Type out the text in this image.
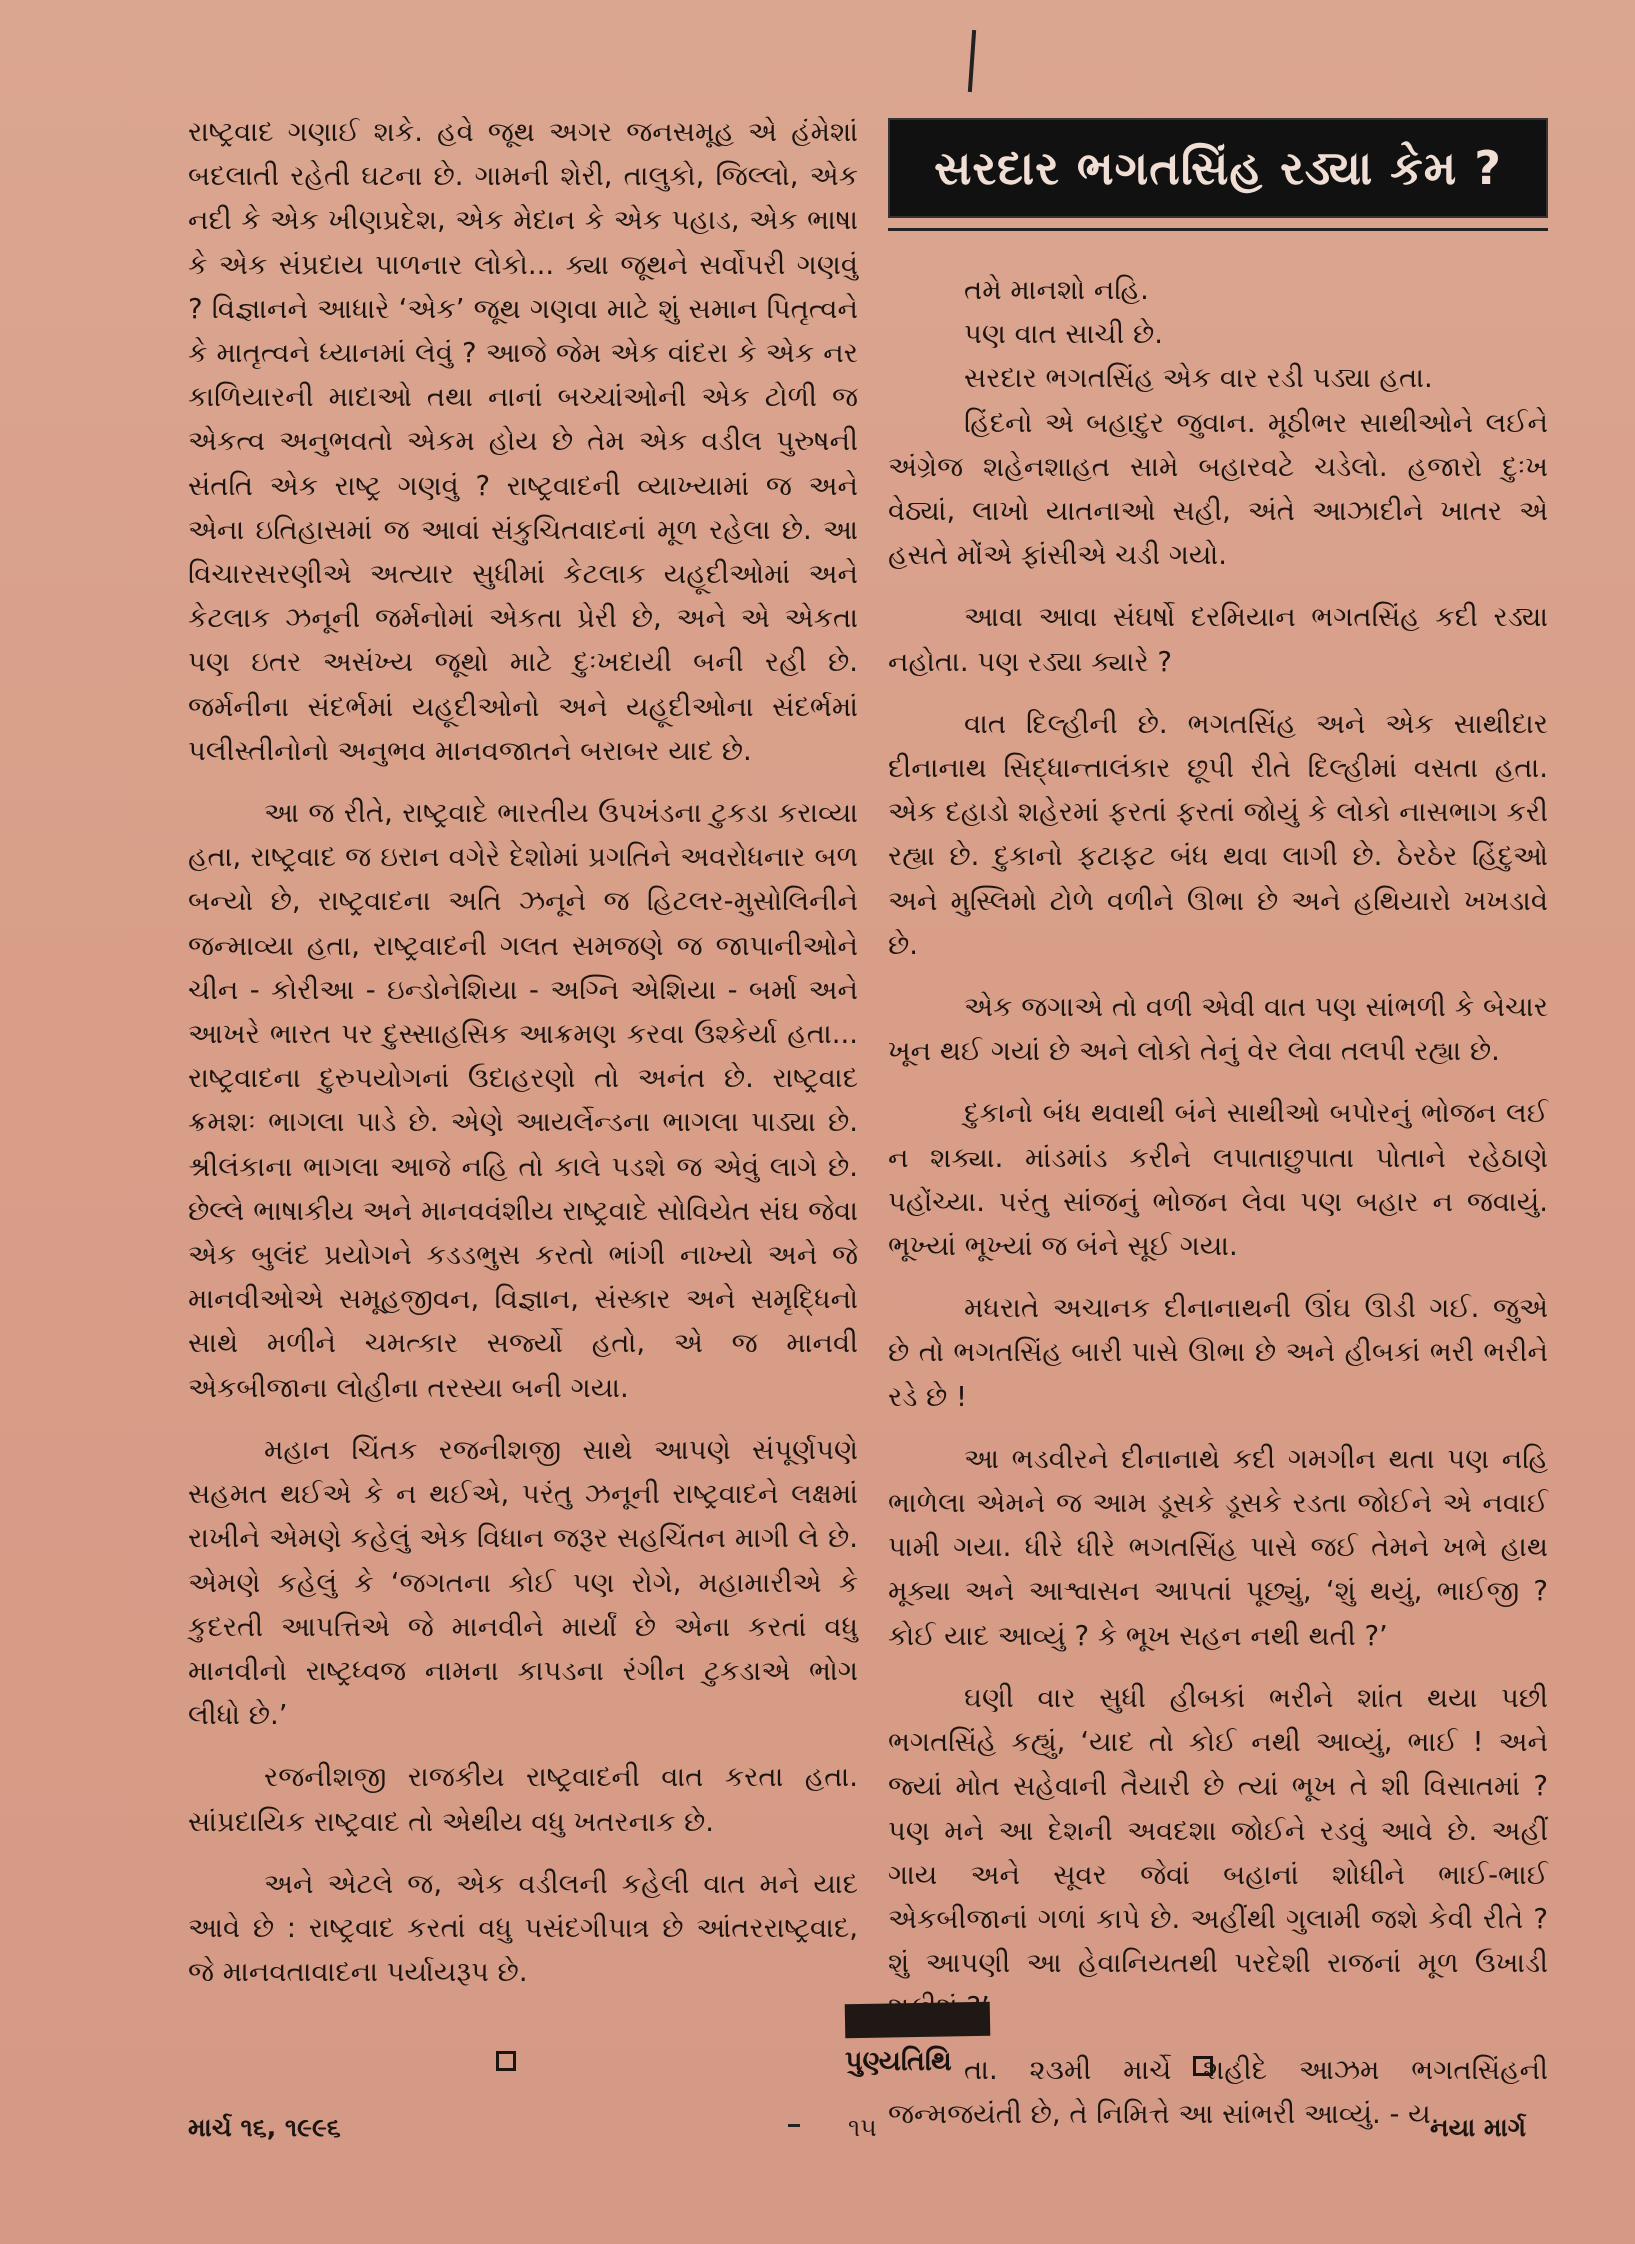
રાષ્ટ્રવાદ ગણાઈ શકે. હવે જૂથ અગર જનસમૂહ એ હંમેશાં બદલાતી રહેતી ઘટના છે. ગામની શેરી, તાલુકો, જિલ્લો, એક નદી કે એક ખીણપ્રદેશ, એક મેદાન કે એક પહાડ, એક ભાષા કે એક સંપ્રદાય પાળનાર લોકો... ક્યા જૂથને સર્વોપરી ગણવું ? વિજ્ઞાનને આધારે ‘એક’ જૂથ ગણવા માટે શું સમાન પિતૃત્વને કે માતૃત્વને ધ્યાનમાં લેવું ? આજે જેમ એક વાંદરા કે એક નર કાળિયારની માદાઓ તથા નાનાં બચ્ચાંઓની એક ટોળી જ એકત્વ અનુભવતો એકમ હોય છે તેમ એક વડીલ પુરુષની સંતતિ એક રાષ્ટ્ર ગણવું ? રાષ્ટ્રવાદની વ્યાખ્યામાં જ અને એના ઇતિહાસમાં જ આવાં સંકુચિતવાદનાં મૂળ રહેલા છે. આ વિચારસરણીએ અત્યાર સુધીમાં કેટલાક યહૂદીઓમાં અને કેટલાક ઝનૂની જર્મનોમાં એકતા પ્રેરી છે, અને એ એકતા પણ ઇતર અસંખ્ય જૂથો માટે દુઃખદાયી બની રહી છે. જર્મનીના સંદર્ભમાં યહૂદીઓનો અને યહૂદીઓના સંદર્ભમાં પલીસ્તીનોનો અનુભવ માનવજાતને બરાબર યાદ છે.

આ જ રીતે, રાષ્ટ્રવાદે ભારતીય ઉપખંડના ટુકડા કરાવ્યા હતા, રાષ્ટ્રવાદ જ ઇરાન વગેરે દેશોમાં પ્રગતિને અવરોધનાર બળ બન્યો છે, રાષ્ટ્રવાદના અતિ ઝનૂને જ હિટલર-મુસોલિનીને જન્માવ્યા હતા, રાષ્ટ્રવાદની ગલત સમજણે જ જાપાનીઓને ચીન - કોરીઆ - ઇન્ડોનેશિયા - અગ્નિ એશિયા - બર્મા અને આખરે ભારત પર દુસ્સાહસિક આક્રમણ કરવા ઉશ્કેર્યા હતા... રાષ્ટ્રવાદના દુરુપયોગનાં ઉદાહરણો તો અનંત છે. રાષ્ટ્રવાદ ક્રમશઃ ભાગલા પાડે છે. એણે આયર્લેન્ડના ભાગલા પાડ્યા છે. શ્રીલંકાના ભાગલા આજે નહિ તો કાલે પડશે જ એવું લાગે છે. છેલ્લે ભાષાકીય અને માનવવંશીય રાષ્ટ્રવાદે સોવિયેત સંઘ જેવા એક બુલંદ પ્રયોગને કડડભુસ કરતો ભાંગી નાખ્યો અને જે માનવીઓએ સમૂહજીવન, વિજ્ઞાન, સંસ્કાર અને સમૃદ્ધિનો સાથે મળીને ચમત્કાર સર્જ્યો હતો, એ જ માનવી એકબીજાના લોહીના તરસ્યા બની ગયા.

મહાન ચિંતક રજનીશજી સાથે આપણે સંપૂર્ણપણે સહમત થઈએ કે ન થઈએ, પરંતુ ઝનૂની રાષ્ટ્રવાદને લક્ષમાં રાખીને એમણે કહેલું એક વિધાન જરૂર સહચિંતન માગી લે છે. એમણે કહેલું કે ‘જગતના કોઈ પણ રોગે, મહામારીએ કે કુદરતી આપત્તિએ જે માનવીને માર્યાં છે એના કરતાં વધુ માનવીનો રાષ્ટ્રધ્વજ નામના કાપડના રંગીન ટુકડાએ ભોગ લીધો છે.’

રજનીશજી રાજકીય રાષ્ટ્રવાદની વાત કરતા હતા. સાંપ્રદાયિક રાષ્ટ્રવાદ તો એથીય વધુ ખતરનાક છે.

અને એટલે જ, એક વડીલની કહેલી વાત મને યાદ આવે છે : રાષ્ટ્રવાદ કરતાં વધુ પસંદગીપાત્ર છે આંતરરાષ્ટ્રવાદ, જે માનવતાવાદના પર્યાયરૂપ છે.

સરદાર ભગતસિંહ રડ્યા કેમ ?

તમે માનશો નહિ.

પણ વાત સાચી છે.

સરદાર ભગતસિંહ એક વાર રડી પડ્યા હતા.

હિંદનો એ બહાદુર જુવાન. મૂઠીભર સાથીઓને લઈને અંગ્રેજ શહેનશાહત સામે બહારવટે ચડેલો. હજારો દુઃખ વેઠ્યાં, લાખો યાતનાઓ સહી, અંતે આઝાદીને ખાતર એ હસતે મોંએ ફાંસીએ ચડી ગયો.

આવા આવા સંઘર્ષો દરમિયાન ભગતસિંહ કદી રડ્યા નહોતા. પણ રડ્યા ક્યારે ?

વાત દિલ્હીની છે. ભગતસિંહ અને એક સાથીદાર દીનાનાથ સિદ્ધાન્તાલંકાર છૂપી રીતે દિલ્હીમાં વસતા હતા. એક દહાડો શહેરમાં ફરતાં ફરતાં જોયું કે લોકો નાસભાગ કરી રહ્યા છે. દુકાનો ફટાફટ બંધ થવા લાગી છે. ઠેરઠેર હિંદુઓ અને મુસ્લિમો ટોળે વળીને ઊભા છે અને હથિયારો ખખડાવે છે.

એક જગાએ તો વળી એવી વાત પણ સાંભળી કે બેચાર ખૂન થઈ ગયાં છે અને લોકો તેનું વેર લેવા તલપી રહ્યા છે.

દુકાનો બંધ થવાથી બંને સાથીઓ બપોરનું ભોજન લઈ ન શક્યા. માંડમાંડ કરીને લપાતાછુપાતા પોતાને રહેઠાણે પહોંચ્યા. પરંતુ સાંજનું ભોજન લેવા પણ બહાર ન જવાયું. ભૂખ્યાં ભૂખ્યાં જ બંને સૂઈ ગયા.

મધરાતે અચાનક દીનાનાથની ઊંઘ ઊડી ગઈ. જુએ છે તો ભગતસિંહ બારી પાસે ઊભા છે અને હીબકાં ભરી ભરીને રડે છે !

આ ભડવીરને દીનાનાથે કદી ગમગીન થતા પણ નહિ ભાળેલા એમને જ આમ ડૂસકે ડૂસકે રડતા જોઈને એ નવાઈ પામી ગયા. ધીરે ધીરે ભગતસિંહ પાસે જઈ તેમને ખભે હાથ મૂક્યા અને આશ્વાસન આપતાં પૂછ્યું, ‘શું થયું, ભાઈજી ? કોઈ યાદ આવ્યું ? કે ભૂખ સહન નથી થતી ?’

ઘણી વાર સુધી હીબકાં ભરીને શાંત થયા પછી ભગતસિંહે કહ્યું, ‘યાદ તો કોઈ નથી આવ્યું, ભાઈ ! અને જ્યાં મોત સહેવાની તૈયારી છે ત્યાં ભૂખ તે શી વિસાતમાં ? પણ મને આ દેશની અવદશા જોઈને રડવું આવે છે. અહીં ગાય અને સૂવર જેવાં બહાનાં શોધીને ભાઈ-ભાઈ એકબીજાનાં ગળાં કાપે છે. અહીંથી ગુલામી જશે કેવી રીતે ? શું આપણી આ હેવાનિયતથી પરદેશી રાજનાં મૂળ ઉખાડી

તા. ૨૩મી માર્ચે શહીદે આઝમ ભગતસિંહની જન્મજયંતી છે, તે નિમિત્તે આ સાંભરી આવ્યું. - ય.

પુણ્યતિથિ
માર્ચ ૧૬, ૧૯૯૬	૧૫	નયા માર્ગ
